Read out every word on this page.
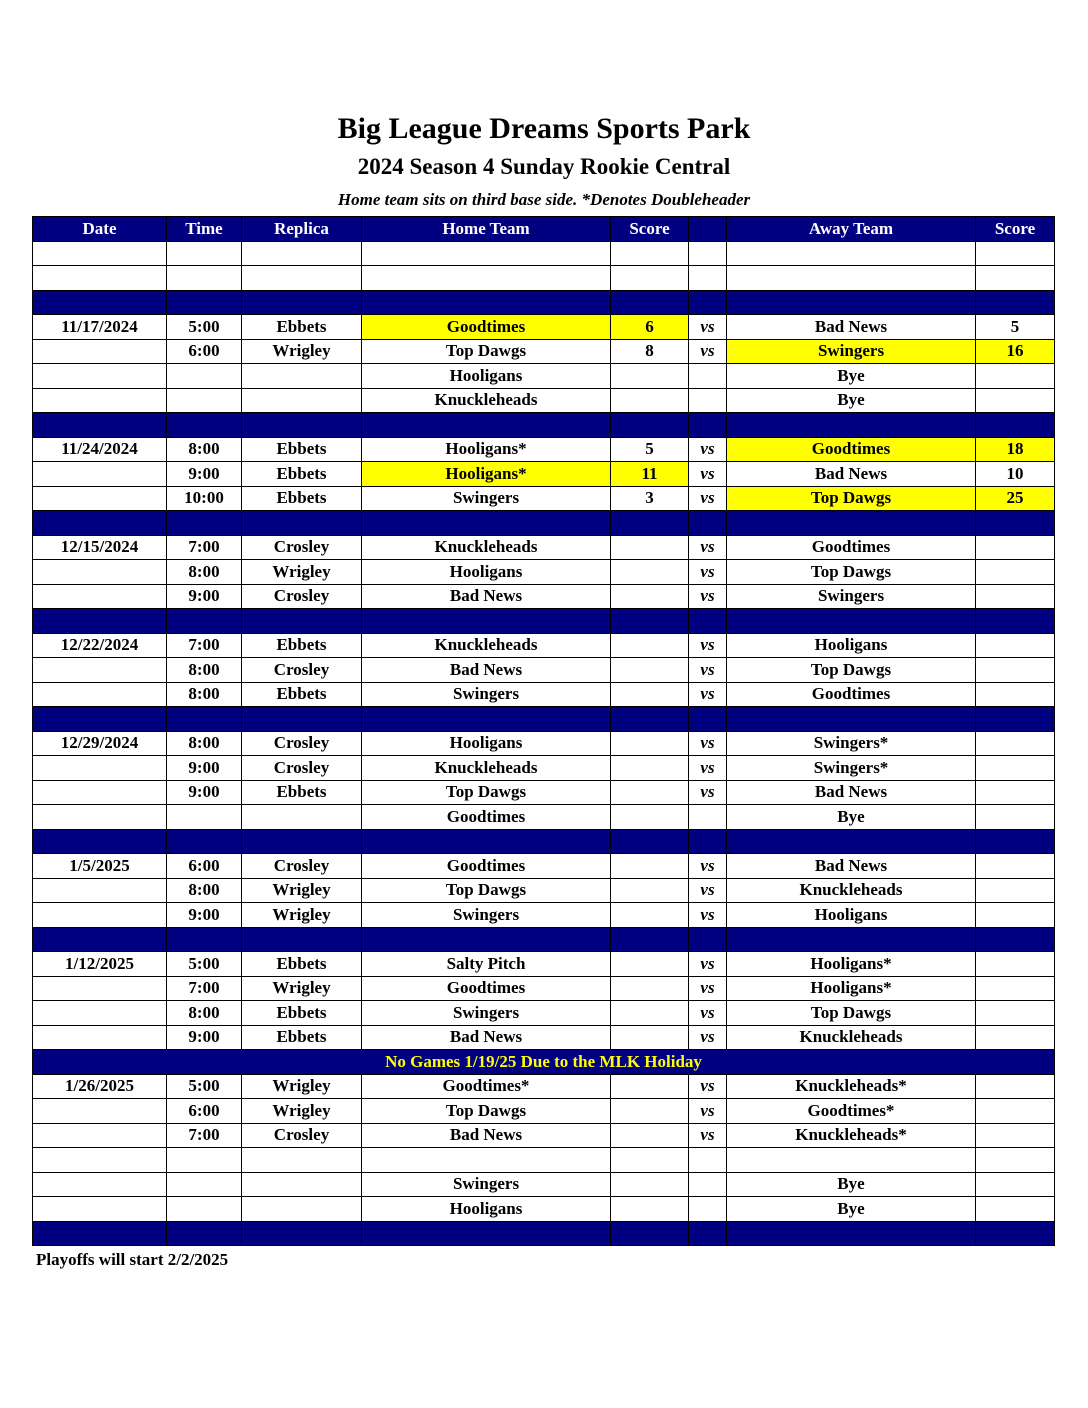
Big League Dreams Sports Park
2024 Season 4 Sunday Rookie Central
Home team sits on third base side. *Denotes Doubleheader
Date	Time	Replica	Home Team	Score		Away Team	Score

11/17/2024	5:00	Ebbets	Goodtimes	6	vs	Bad News	5
	6:00	Wrigley	Top Dawgs	8	vs	Swingers	16
			Hooligans			Bye	
			Knuckleheads			Bye	

11/24/2024	8:00	Ebbets	Hooligans*	5	vs	Goodtimes	18
	9:00	Ebbets	Hooligans*	11	vs	Bad News	10
	10:00	Ebbets	Swingers	3	vs	Top Dawgs	25

12/15/2024	7:00	Crosley	Knuckleheads		vs	Goodtimes	
	8:00	Wrigley	Hooligans		vs	Top Dawgs	
	9:00	Crosley	Bad News		vs	Swingers	

12/22/2024	7:00	Ebbets	Knuckleheads		vs	Hooligans	
	8:00	Crosley	Bad News		vs	Top Dawgs	
	8:00	Ebbets	Swingers		vs	Goodtimes	

12/29/2024	8:00	Crosley	Hooligans		vs	Swingers*	
	9:00	Crosley	Knuckleheads		vs	Swingers*	
	9:00	Ebbets	Top Dawgs		vs	Bad News	
			Goodtimes			Bye	

1/5/2025	6:00	Crosley	Goodtimes		vs	Bad News	
	8:00	Wrigley	Top Dawgs		vs	Knuckleheads	
	9:00	Wrigley	Swingers		vs	Hooligans	

1/12/2025	5:00	Ebbets	Salty Pitch		vs	Hooligans*	
	7:00	Wrigley	Goodtimes		vs	Hooligans*	
	8:00	Ebbets	Swingers		vs	Top Dawgs	
	9:00	Ebbets	Bad News		vs	Knuckleheads	
No Games 1/19/25 Due to the MLK Holiday							
1/26/2025	5:00	Wrigley	Goodtimes*		vs	Knuckleheads*	
	6:00	Wrigley	Top Dawgs		vs	Goodtimes*	
	7:00	Crosley	Bad News		vs	Knuckleheads*	

			Swingers			Bye	
			Hooligans			Bye	

Playoffs will start 2/2/2025
